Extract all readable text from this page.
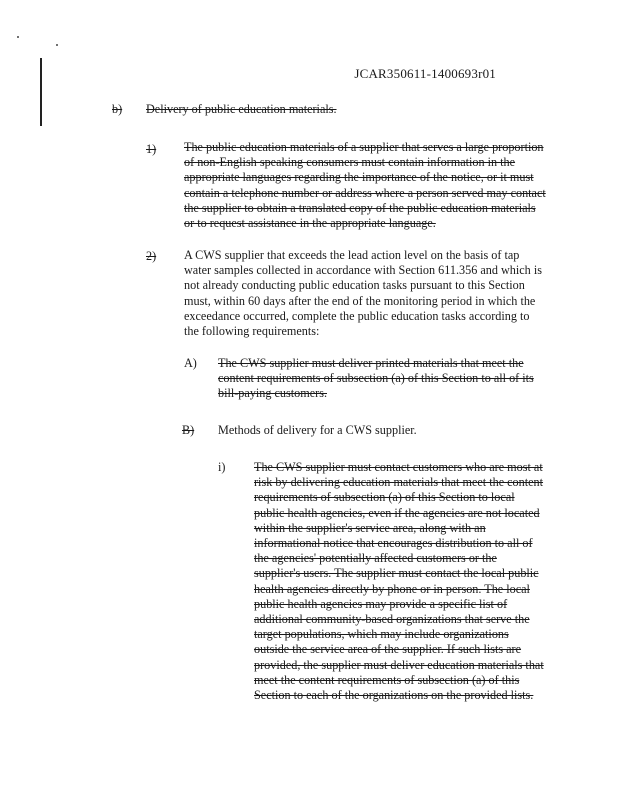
JCAR350611-1400693r01
b) Delivery of public education materials.
1) The public education materials of a supplier that serves a large proportion of non-English speaking consumers must contain information in the appropriate languages regarding the importance of the notice, or it must contain a telephone number or address where a person served may contact the supplier to obtain a translated copy of the public education materials or to request assistance in the appropriate language.
2) A CWS supplier that exceeds the lead action level on the basis of tap water samples collected in accordance with Section 611.356 and which is not already conducting public education tasks pursuant to this Section must, within 60 days after the end of the monitoring period in which the exceedance occurred, complete the public education tasks according to the following requirements:
A) The CWS supplier must deliver printed materials that meet the content requirements of subsection (a) of this Section to all of its bill-paying customers.
B) Methods of delivery for a CWS supplier.
i) The CWS supplier must contact customers who are most at risk by delivering education materials that meet the content requirements of subsection (a) of this Section to local public health agencies, even if the agencies are not located within the supplier's service area, along with an informational notice that encourages distribution to all of the agencies' potentially affected customers or the supplier's users. The supplier must contact the local public health agencies directly by phone or in person. The local public health agencies may provide a specific list of additional community-based organizations that serve the target populations, which may include organizations outside the service area of the supplier. If such lists are provided, the supplier must deliver education materials that meet the content requirements of subsection (a) of this Section to each of the organizations on the provided lists.
